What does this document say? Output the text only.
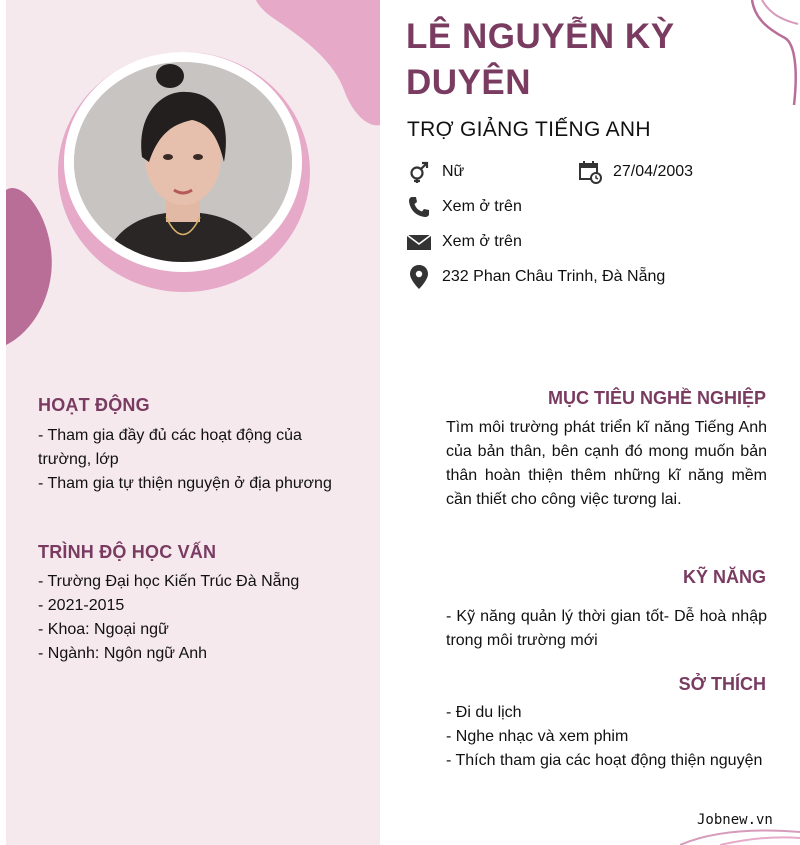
HOẠT ĐỘNG

- Tham gia đầy đủ các hoạt động của trường, lớp

- Tham gia tự thiện nguyện ở địa phương

TRÌNH ĐỘ HỌC VẤN

- Trường Đại học Kiến Trúc Đà Nẵng

- 2021-2015

- Khoa: Ngoại ngữ

- Ngành: Ngôn ngữ Anh

LÊ NGUYỄN KỲ
DUYÊN
TRỢ GIẢNG TIẾNG ANH
Nữ	27/04/2003
Xem ở trên
Xem ở trên
232 Phan Châu Trinh, Đà Nẵng
MỤC TIÊU NGHỀ NGHIỆP
Tìm môi trường phát triển kĩ năng Tiếng Anh của bản thân, bên cạnh đó mong muốn bản thân hoàn thiện thêm những kĩ năng mềm cần thiết cho công việc tương lai.
KỸ NĂNG
- Kỹ năng quản lý thời gian tốt- Dễ hoà nhập trong môi trường mới
SỞ THÍCH

- Đi du lịch

- Nghe nhạc và xem phim

- Thích tham gia các hoạt động thiện nguyện

Jobnew.vn
